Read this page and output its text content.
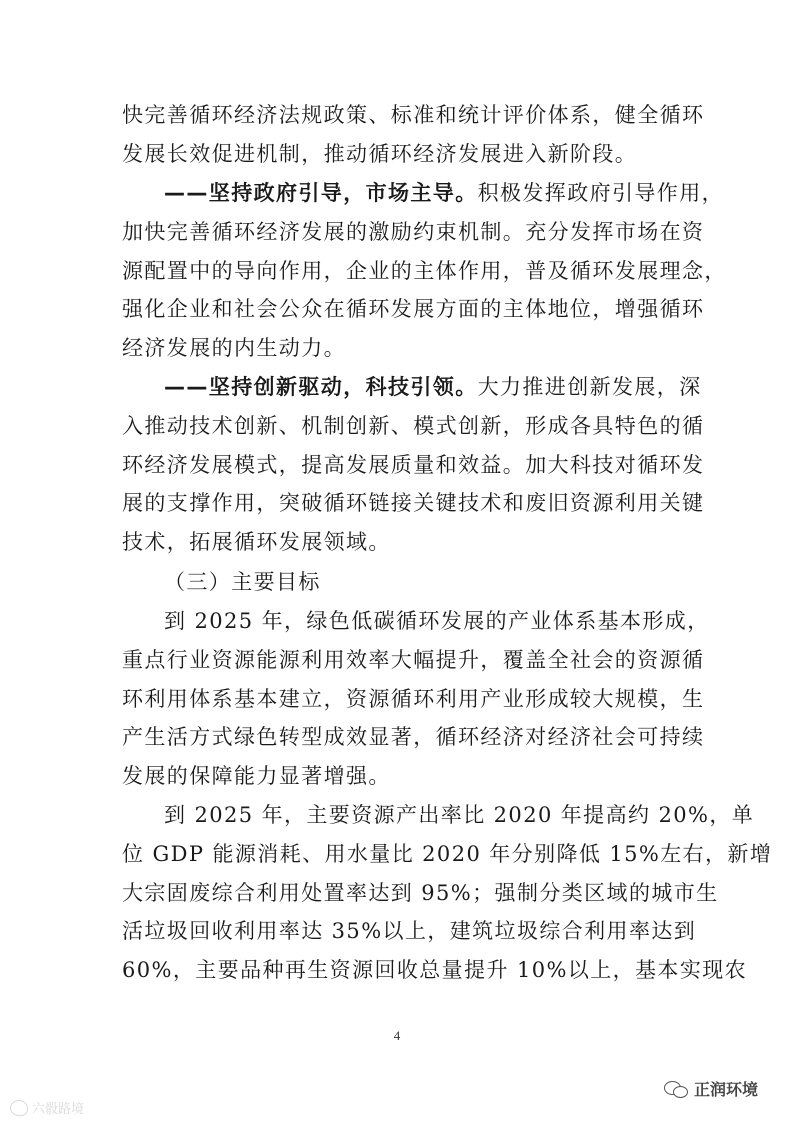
快完善循环经济法规政策、标准和统计评价体系，健全循环
发展长效促进机制，推动循环经济发展进入新阶段。
——坚持政府引导，市场主导。积极发挥政府引导作用，
加快完善循环经济发展的激励约束机制。充分发挥市场在资
源配置中的导向作用，企业的主体作用，普及循环发展理念，
强化企业和社会公众在循环发展方面的主体地位，增强循环
经济发展的内生动力。
——坚持创新驱动，科技引领。大力推进创新发展，深
入推动技术创新、机制创新、模式创新，形成各具特色的循
环经济发展模式，提高发展质量和效益。加大科技对循环发
展的支撑作用，突破循环链接关键技术和废旧资源利用关键
技术，拓展循环发展领域。
（三）主要目标
到 2025 年，绿色低碳循环发展的产业体系基本形成，
重点行业资源能源利用效率大幅提升，覆盖全社会的资源循
环利用体系基本建立，资源循环利用产业形成较大规模，生
产生活方式绿色转型成效显著，循环经济对经济社会可持续
发展的保障能力显著增强。
到 2025 年，主要资源产出率比 2020 年提高约 20%，单
位 GDP 能源消耗、用水量比 2020 年分别降低 15%左右，新增
大宗固废综合利用处置率达到 95%；强制分类区域的城市生
活垃圾回收利用率达 35%以上，建筑垃圾综合利用率达到
60%，主要品种再生资源回收总量提升 10%以上，基本实现农
4
六骰路境
正润环境
